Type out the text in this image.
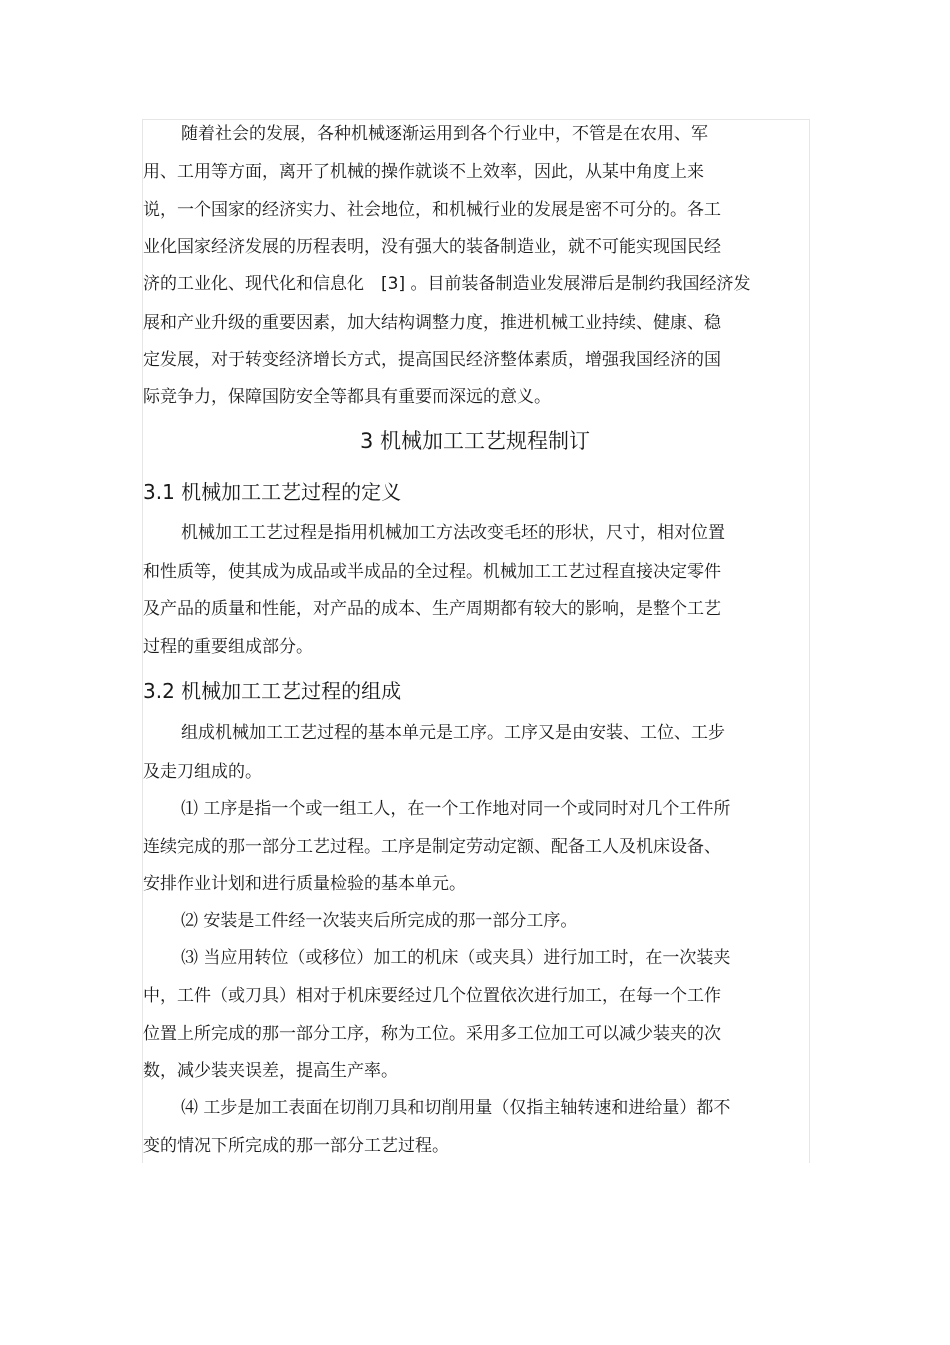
随着社会的发展，各种机械逐渐运用到各个行业中，不管是在农用、军
用、工用等方面，离开了机械的操作就谈不上效率，因此，从某中角度上来
说，一个国家的经济实力、社会地位，和机械行业的发展是密不可分的。各工
业化国家经济发展的历程表明，没有强大的装备制造业，就不可能实现国民经
济的工业化、现代化和信息化　[3] 。目前装备制造业发展滞后是制约我国经济发
展和产业升级的重要因素，加大结构调整力度，推进机械工业持续、健康、稳
定发展，对于转变经济增长方式，提高国民经济整体素质，增强我国经济的国
际竞争力，保障国防安全等都具有重要而深远的意义。
3 机械加工工艺规程制订
3.1 机械加工工艺过程的定义
机械加工工艺过程是指用机械加工方法改变毛坯的形状，尺寸，相对位置
和性质等，使其成为成品或半成品的全过程。机械加工工艺过程直接决定零件
及产品的质量和性能，对产品的成本、生产周期都有较大的影响，是整个工艺
过程的重要组成部分。
3.2 机械加工工艺过程的组成
组成机械加工工艺过程的基本单元是工序。工序又是由安装、工位、工步
及走刀组成的。
⑴ 工序是指一个或一组工人，在一个工作地对同一个或同时对几个工件所
连续完成的那一部分工艺过程。工序是制定劳动定额、配备工人及机床设备、
安排作业计划和进行质量检验的基本单元。
⑵ 安装是工件经一次装夹后所完成的那一部分工序。
⑶ 当应用转位（或移位）加工的机床（或夹具）进行加工时，在一次装夹
中，工件（或刀具）相对于机床要经过几个位置依次进行加工，在每一个工作
位置上所完成的那一部分工序，称为工位。采用多工位加工可以减少装夹的次
数，减少装夹误差，提高生产率。
⑷ 工步是加工表面在切削刀具和切削用量（仅指主轴转速和进给量）都不
变的情况下所完成的那一部分工艺过程。
